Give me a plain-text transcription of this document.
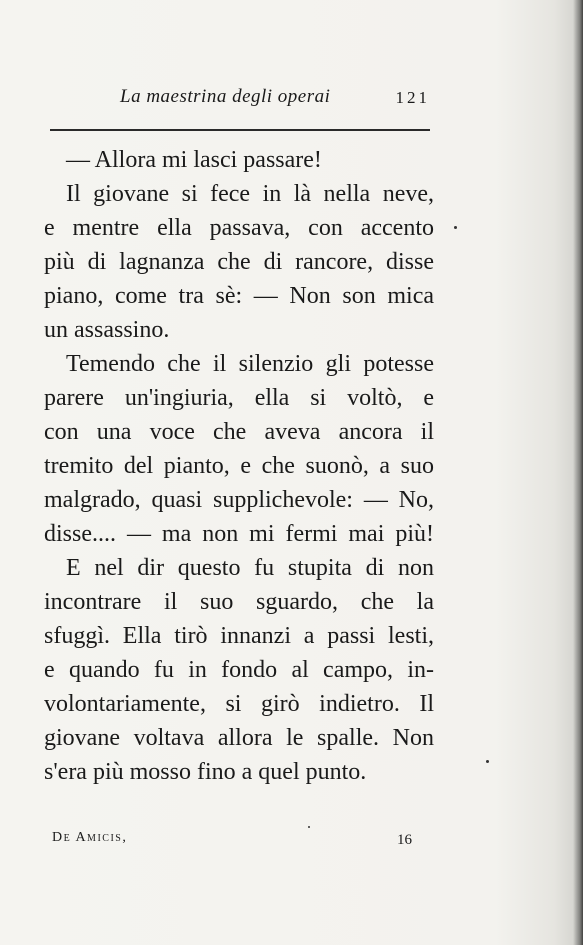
La maestrina degli operai	121
— Allora mi lasci passare!
Il giovane si fece in là nella neve,
e mentre ella passava, con accento
più di lagnanza che di rancore, disse
piano, come tra sè: — Non son mica
un assassino.
Temendo che il silenzio gli potesse
parere un'ingiuria, ella si voltò, e
con una voce che aveva ancora il
tremito del pianto, e che suonò, a suo
malgrado, quasi supplichevole: — No,
disse.... — ma non mi fermi mai più!
E nel dir questo fu stupita di non
incontrare il suo sguardo, che la
sfuggì. Ella tirò innanzi a passi lesti,
e quando fu in fondo al campo, in-
volontariamente, si girò indietro. Il
giovane voltava allora le spalle. Non
s'era più mosso fino a quel punto.
De Amicis,	16
